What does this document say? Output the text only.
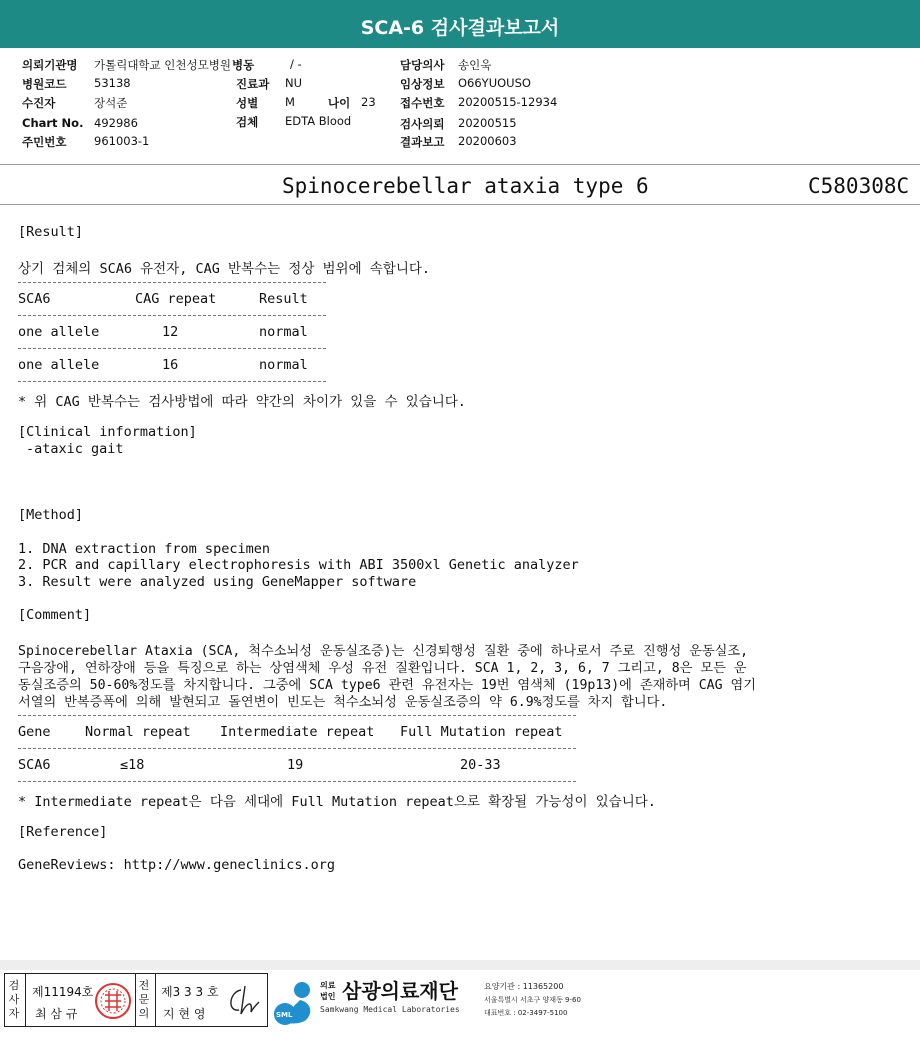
SCA-6 검사결과보고서
의뢰기관명 가톨릭대학교 인천성모병원 병동	/ -	담당의사 송인욱
병원코드 53138	진료과 NU	임상정보 O66YUOUSO
수진자	장석준	성별 M	나이 23 접수번호 20200515-12934
Chart No. 492986	검체 EDTA Blood	검사의뢰 20200515
주민번호 961003-1	결과보고 20200603
Spinocerebellar ataxia type 6	C580308C
[Result]
상기 검체의 SCA6 유전자, CAG 반복수는 정상 범위에 속합니다.
SCA6	CAG repeat	Result
one allele	12	normal
one allele	16	normal
* 위 CAG 반복수는 검사방법에 따라 약간의 차이가 있을 수 있습니다.
[Clinical information]
-ataxic gait
[Method]
1. DNA extraction from specimen
2. PCR and capillary electrophoresis with ABI 3500xl Genetic analyzer
3. Result were analyzed using GeneMapper software
[Comment]
Spinocerebellar Ataxia (SCA, 척수소뇌성 운동실조증)는 신경퇴행성 질환 중에 하나로서 주로 진행성 운동실조,
구음장애, 연하장애 등을 특징으로 하는 상염색체 우성 유전 질환입니다. SCA 1, 2, 3, 6, 7 그리고, 8은 모든 운
동실조증의 50-60%정도를 차지합니다. 그중에 SCA type6 관련 유전자는 19번 염색체 (19p13)에 존재하며 CAG 염기
서열의 반복증폭에 의해 발현되고 돌연변이 빈도는 척수소뇌성 운동실조증의 약 6.9%정도를 차지 합니다.
Gene	Normal repeat Intermediate repeat Full Mutation repeat
SCA6	≤18	19	20-33
* Intermediate repeat은 다음 세대에 Full Mutation repeat으로 확장될 가능성이 있습니다.
[Reference]
GeneReviews: http://www.geneclinics.org
검
사
자
제11194호
최 삼 규
전
문
의
제3 3 3 호
지 현 영	SML
의료
법인 삼광의료재단
Samkwang Medical Laboratories
요양기관 : 11365200
서울특별시 서초구 양재동 9-60
대표번호 : 02-3497-5100
